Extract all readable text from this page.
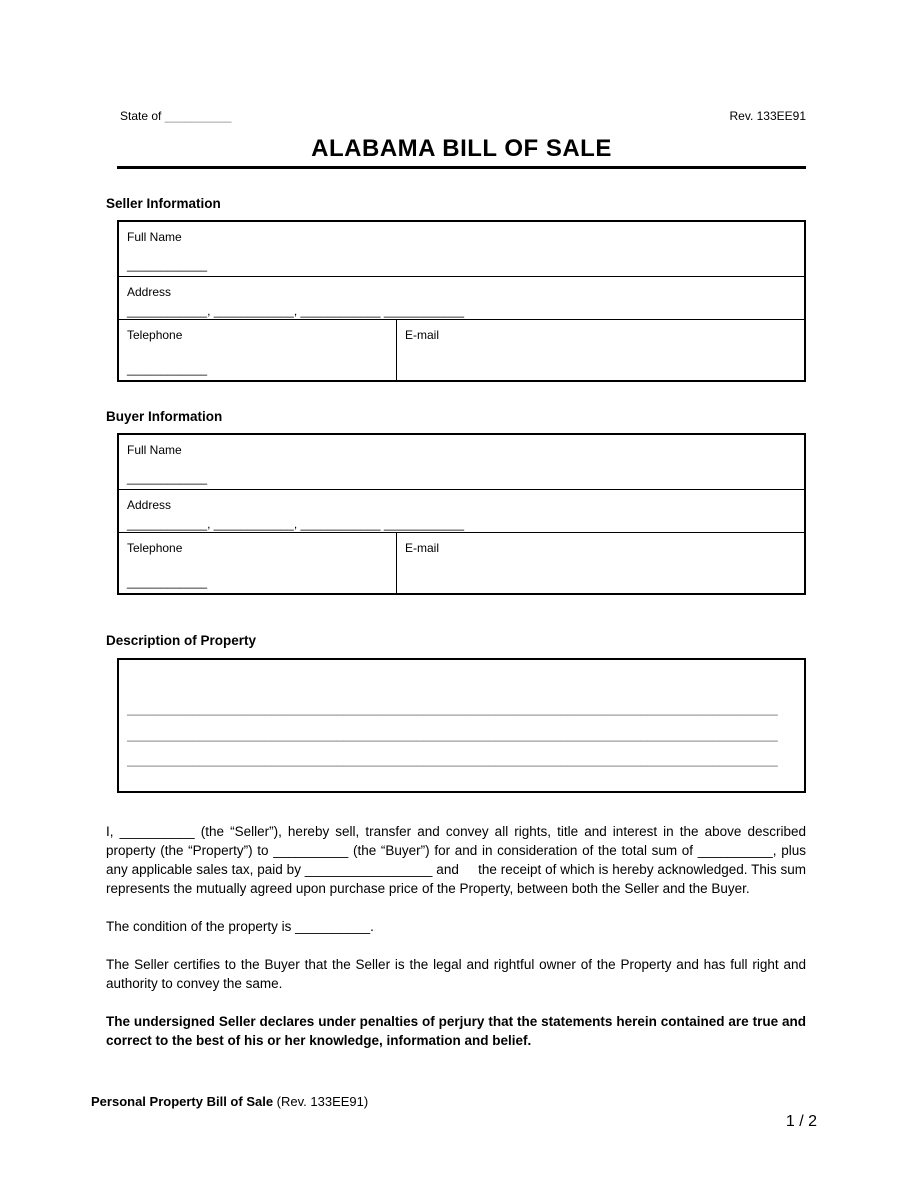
State of __________	Rev. 133EE91
ALABAMA BILL OF SALE
Seller Information
Full Name
____________
Address
____________, ____________, ____________ ____________
Telephone
____________
E-mail
Buyer Information
Full Name
____________
Address
____________, ____________, ____________ ____________
Telephone
____________
E-mail
Description of Property
__________________________________________________________________________________________
__________________________________________________________________________________________
__________________________________________________________________________________________

I, __________ (the “Seller”), hereby sell, transfer and convey all rights, title and interest in the above described property (the “Property”) to __________ (the “Buyer”) for and in consideration of the total sum of __________, plus any applicable sales tax, paid by _________________ and     the receipt of which is hereby acknowledged. This sum represents the mutually agreed upon purchase price of the Property, between both the Seller and the Buyer.

The condition of the property is __________.

The Seller certifies to the Buyer that the Seller is the legal and rightful owner of the Property and has full right and authority to convey the same.

The undersigned Seller declares under penalties of perjury that the statements herein contained are true and correct to the best of his or her knowledge, information and belief.

Personal Property Bill of Sale (Rev. 133EE91)
1 / 2
